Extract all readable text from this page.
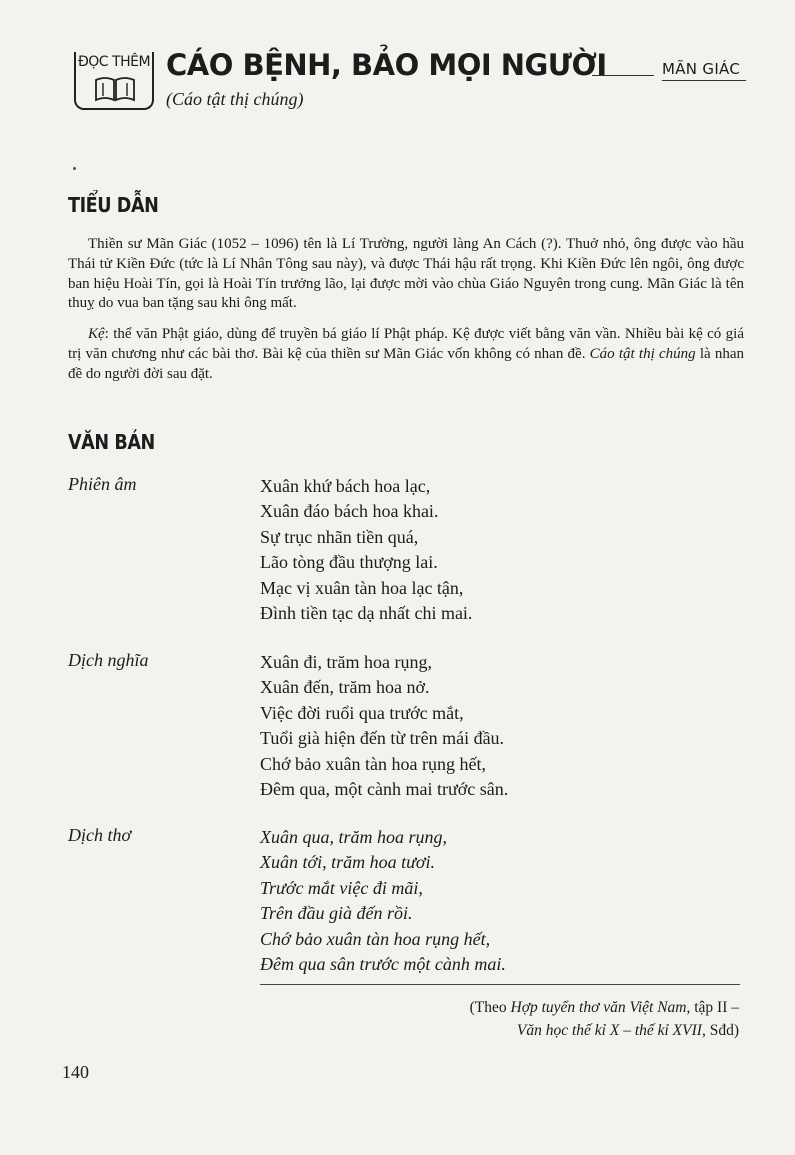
ĐỌC THÊM CÁO BỆNH, BẢO MỌI NGƯỜI	MÃN GIÁC
(Cáo tật thị chúng)
TIỂU DẪN

Thiền sư Mãn Giác (1052 – 1096) tên là Lí Trường, người làng An Cách (?). Thuở nhỏ, ông được vào hầu Thái tử Kiền Đức (tức là Lí Nhân Tông sau này), và được Thái hậu rất trọng. Khi Kiền Đức lên ngôi, ông được ban hiệu Hoài Tín, gọi là Hoài Tín trưởng lão, lại được mời vào chùa Giáo Nguyên trong cung. Mãn Giác là tên thuỵ do vua ban tặng sau khi ông mất.

Kệ: thể văn Phật giáo, dùng để truyền bá giáo lí Phật pháp. Kệ được viết bằng văn vần. Nhiều bài kệ có giá trị văn chương như các bài thơ. Bài kệ của thiền sư Mãn Giác vốn không có nhan đề. Cáo tật thị chúng là nhan đề do người đời sau đặt.

VĂN BẢN
Phiên âm	Xuân khứ bách hoa lạc,
Xuân đáo bách hoa khai.
Sự trục nhãn tiền quá,
Lão tòng đầu thượng lai.
Mạc vị xuân tàn hoa lạc tận,
Đình tiền tạc dạ nhất chi mai.
Dịch nghĩa	Xuân đi, trăm hoa rụng,
Xuân đến, trăm hoa nở.
Việc đời ruổi qua trước mắt,
Tuổi già hiện đến từ trên mái đầu.
Chớ bảo xuân tàn hoa rụng hết,
Đêm qua, một cành mai trước sân.
Dịch thơ	Xuân qua, trăm hoa rụng,
Xuân tới, trăm hoa tươi.
Trước mắt việc đi mãi,
Trên đầu già đến rồi.
Chớ bảo xuân tàn hoa rụng hết,
Đêm qua sân trước một cành mai.
(Theo Hợp tuyển thơ văn Việt Nam, tập II –
Văn học thế kỉ X – thế kỉ XVII, Sđd)
140
